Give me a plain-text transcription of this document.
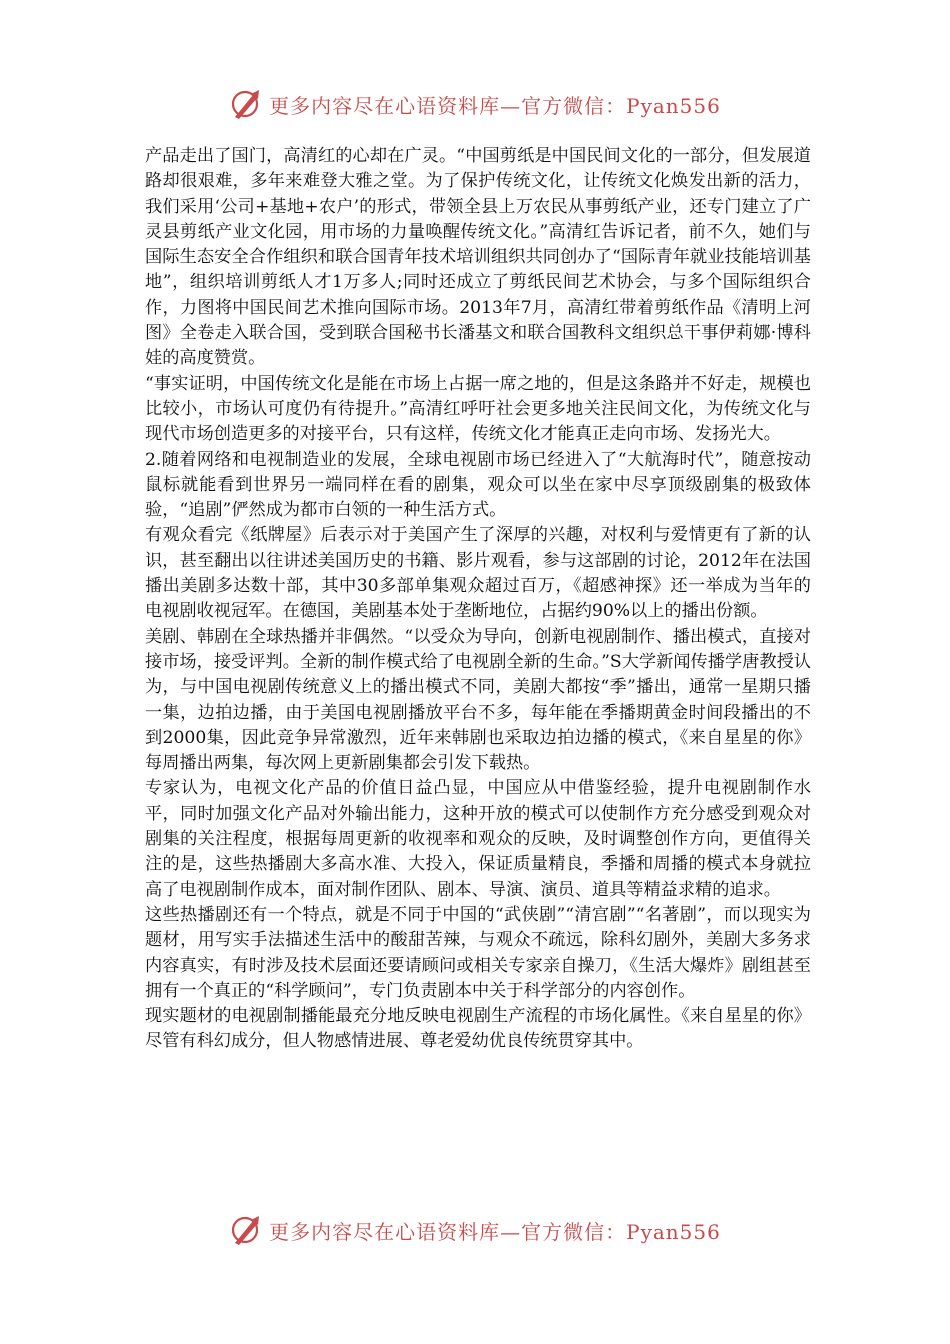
更多内容尽在心语资料库—官方微信：Pyan556

产品走出了国门，高清红的心却在广灵。“中国剪纸是中国民间文化的一部分，但发展道路却很艰难，多年来难登大雅之堂。为了保护传统文化，让传统文化焕发出新的活力，我们采用‘公司+基地+农户’的形式，带领全县上万农民从事剪纸产业，还专门建立了广灵县剪纸产业文化园，用市场的力量唤醒传统文化。”高清红告诉记者，前不久，她们与国际生态安全合作组织和联合国青年技术培训组织共同创办了“国际青年就业技能培训基地”，组织培训剪纸人才1万多人;同时还成立了剪纸民间艺术协会，与多个国际组织合作，力图将中国民间艺术推向国际市场。2013年7月，高清红带着剪纸作品《清明上河图》全卷走入联合国，受到联合国秘书长潘基文和联合国教科文组织总干事伊莉娜·博科娃的高度赞赏。

“事实证明，中国传统文化是能在市场上占据一席之地的，但是这条路并不好走，规模也比较小，市场认可度仍有待提升。”高清红呼吁社会更多地关注民间文化，为传统文化与现代市场创造更多的对接平台，只有这样，传统文化才能真正走向市场、发扬光大。

2.随着网络和电视制造业的发展，全球电视剧市场已经进入了“大航海时代”，随意按动鼠标就能看到世界另一端同样在看的剧集，观众可以坐在家中尽享顶级剧集的极致体验，“追剧”俨然成为都市白领的一种生活方式。

有观众看完《纸牌屋》后表示对于美国产生了深厚的兴趣，对权利与爱情更有了新的认识，甚至翻出以往讲述美国历史的书籍、影片观看，参与这部剧的讨论，2012年在法国播出美剧多达数十部，其中30多部单集观众超过百万，《超感神探》还一举成为当年的电视剧收视冠军。在德国，美剧基本处于垄断地位，占据约90%以上的播出份额。

美剧、韩剧在全球热播并非偶然。“以受众为导向，创新电视剧制作、播出模式，直接对接市场，接受评判。全新的制作模式给了电视剧全新的生命。”S大学新闻传播学唐教授认为，与中国电视剧传统意义上的播出模式不同，美剧大都按“季”播出，通常一星期只播一集，边拍边播，由于美国电视剧播放平台不多，每年能在季播期黄金时间段播出的不到2000集，因此竞争异常激烈，近年来韩剧也采取边拍边播的模式，《来自星星的你》每周播出两集，每次网上更新剧集都会引发下载热。

专家认为，电视文化产品的价值日益凸显，中国应从中借鉴经验，提升电视剧制作水平，同时加强文化产品对外输出能力，这种开放的模式可以使制作方充分感受到观众对剧集的关注程度，根据每周更新的收视率和观众的反映，及时调整创作方向，更值得关注的是，这些热播剧大多高水准、大投入，保证质量精良，季播和周播的模式本身就拉高了电视剧制作成本，面对制作团队、剧本、导演、演员、道具等精益求精的追求。

这些热播剧还有一个特点，就是不同于中国的“武侠剧”“清宫剧”“名著剧”，而以现实为题材，用写实手法描述生活中的酸甜苦辣，与观众不疏远，除科幻剧外，美剧大多务求内容真实，有时涉及技术层面还要请顾问或相关专家亲自操刀，《生活大爆炸》剧组甚至拥有一个真正的“科学顾问”，专门负责剧本中关于科学部分的内容创作。

现实题材的电视剧制播能最充分地反映电视剧生产流程的市场化属性。《来自星星的你》尽管有科幻成分，但人物感情进展、尊老爱幼优良传统贯穿其中。

更多内容尽在心语资料库—官方微信：Pyan556
